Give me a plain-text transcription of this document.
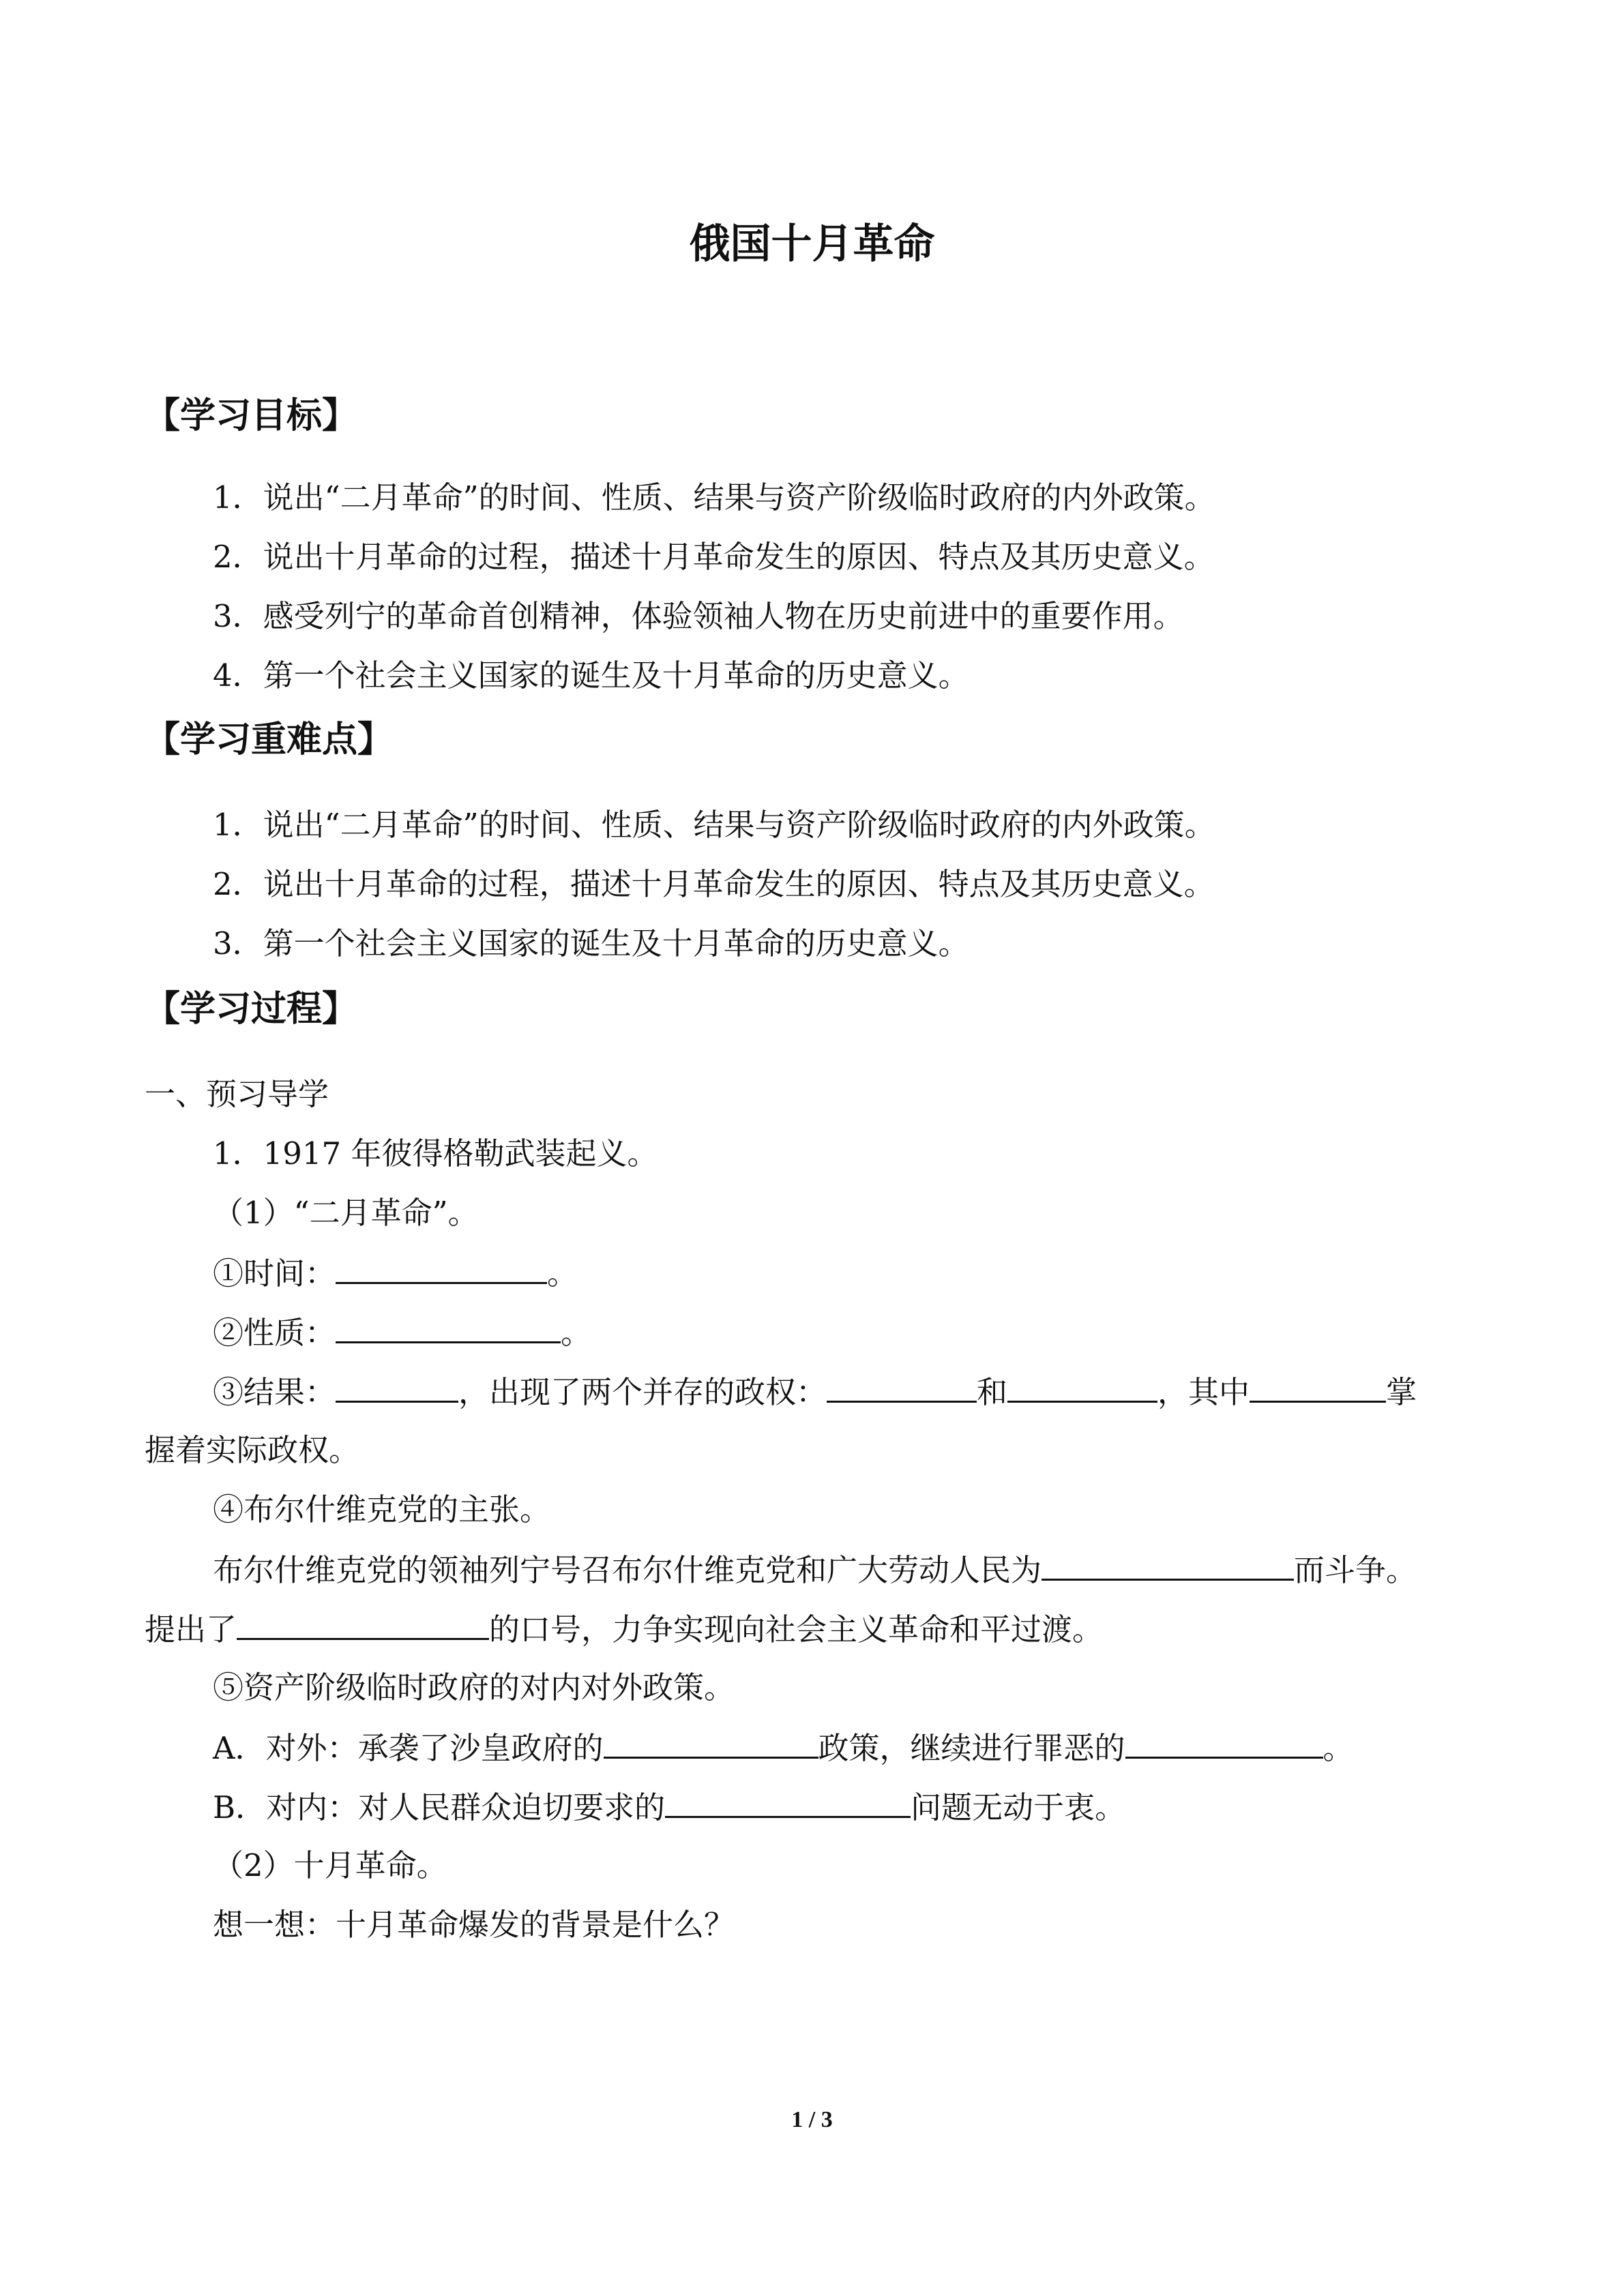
俄国十月革命
【学习目标】
1．说出“二月革命”的时间、性质、结果与资产阶级临时政府的内外政策。
2．说出十月革命的过程，描述十月革命发生的原因、特点及其历史意义。
3．感受列宁的革命首创精神，体验领袖人物在历史前进中的重要作用。
4．第一个社会主义国家的诞生及十月革命的历史意义。
【学习重难点】
1．说出“二月革命”的时间、性质、结果与资产阶级临时政府的内外政策。
2．说出十月革命的过程，描述十月革命发生的原因、特点及其历史意义。
3．第一个社会主义国家的诞生及十月革命的历史意义。
【学习过程】
一、预习导学
1．1917 年彼得格勒武装起义。
（1）“二月革命”。
①时间：	。
②性质：	。
③结果：	，出现了两个并存的政权：	和	，其中	掌
握着实际政权。
④布尔什维克党的主张。
布尔什维克党的领袖列宁号召布尔什维克党和广大劳动人民为	而斗争。
提出了	的口号，力争实现向社会主义革命和平过渡。
⑤资产阶级临时政府的对内对外政策。
A．对外：承袭了沙皇政府的	政策，继续进行罪恶的	。
B．对内：对人民群众迫切要求的	问题无动于衷。
（2）十月革命。
想一想：十月革命爆发的背景是什么？
1 / 3
